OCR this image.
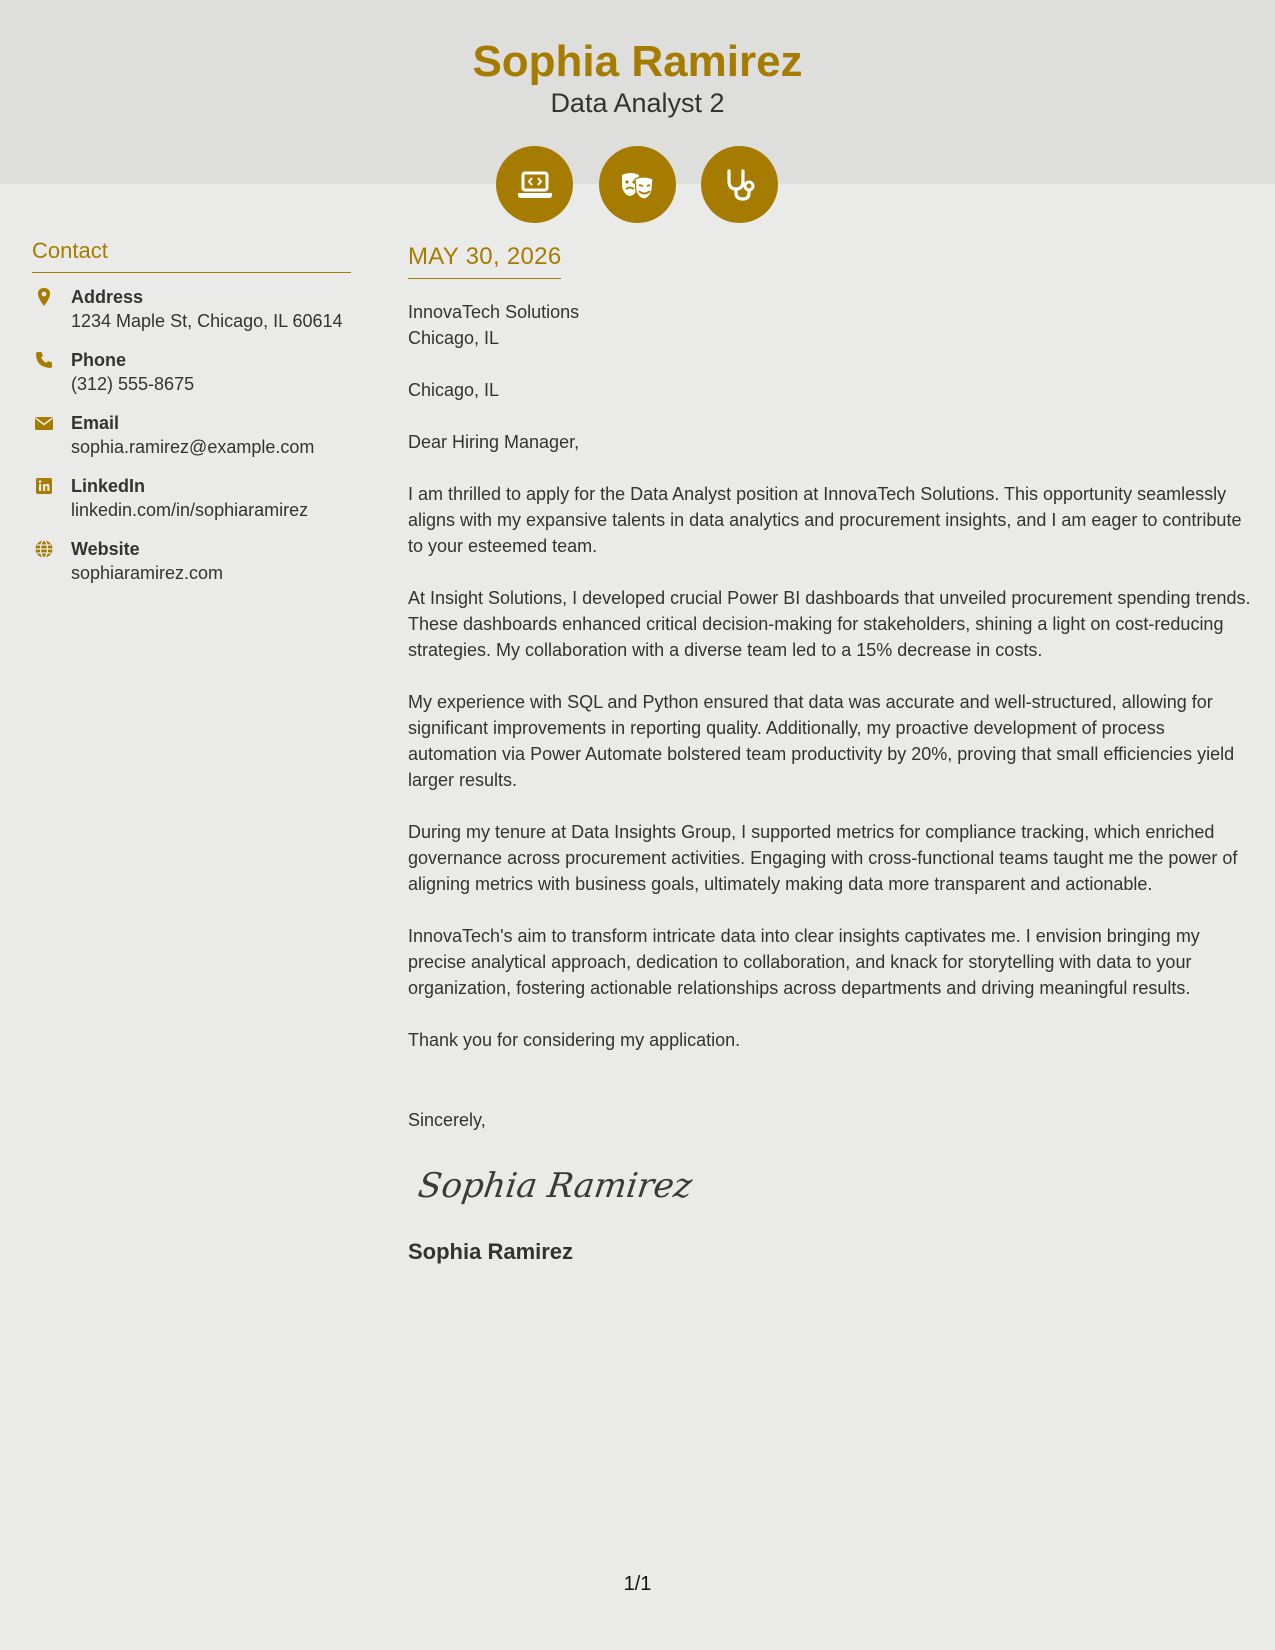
Sophia Ramirez
Data Analyst 2
Contact
Address
1234 Maple St, Chicago, IL 60614
Phone
(312) 555-8675
Email
sophia.ramirez@example.com
LinkedIn
linkedin.com/in/sophiaramirez
Website
sophiaramirez.com
MAY 30, 2026
InnovaTech Solutions
Chicago, IL
Chicago, IL
Dear Hiring Manager,
I am thrilled to apply for the Data Analyst position at InnovaTech Solutions. This opportunity seamlessly aligns with my expansive talents in data analytics and procurement insights, and I am eager to contribute to your esteemed team.
At Insight Solutions, I developed crucial Power BI dashboards that unveiled procurement spending trends. These dashboards enhanced critical decision-making for stakeholders, shining a light on cost-reducing strategies. My collaboration with a diverse team led to a 15% decrease in costs.
My experience with SQL and Python ensured that data was accurate and well-structured, allowing for significant improvements in reporting quality. Additionally, my proactive development of process automation via Power Automate bolstered team productivity by 20%, proving that small efficiencies yield larger results.
During my tenure at Data Insights Group, I supported metrics for compliance tracking, which enriched governance across procurement activities. Engaging with cross-functional teams taught me the power of aligning metrics with business goals, ultimately making data more transparent and actionable.
InnovaTech's aim to transform intricate data into clear insights captivates me. I envision bringing my precise analytical approach, dedication to collaboration, and knack for storytelling with data to your organization, fostering actionable relationships across departments and driving meaningful results.
Thank you for considering my application.
Sincerely,
Sophia Ramirez
Sophia Ramirez
1/1
